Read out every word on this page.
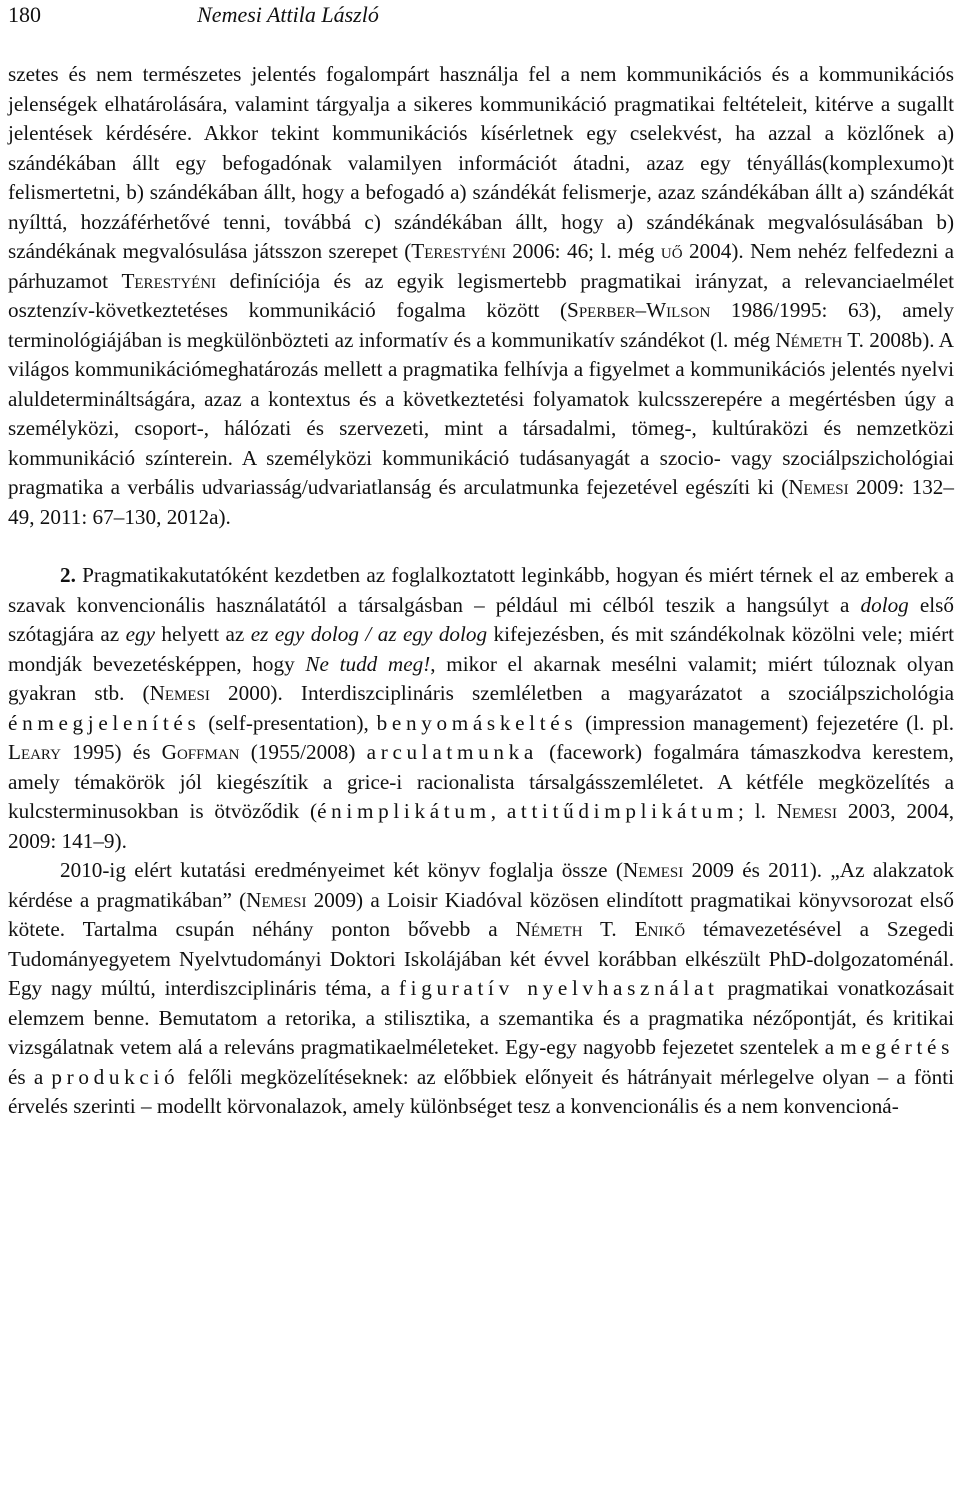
180	Nemesi Attila László

szetes és nem természetes jelentés fogalompárt használja fel a nem kommunikációs és a kommunikációs jelenségek elhatárolására, valamint tárgyalja a sikeres kommunikáció pragmatikai feltételeit, kitérve a sugallt jelentések kérdésére. Akkor tekint kommunikációs kísérletnek egy cselekvést, ha azzal a közlőnek a) szándékában állt egy befogadónak valamilyen információt átadni, azaz egy tényállás(komplexumo)t felismertetni, b) szándékában állt, hogy a befogadó a) szándékát felismerje, azaz szándékában állt a) szándékát nyílttá, hozzáférhetővé tenni, továbbá c) szándékában állt, hogy a) szándékának megvalósulásában b) szándékának megvalósulása játsszon szerepet (Terestyéni 2006: 46; l. még uő 2004). Nem nehéz felfedezni a párhuzamot Terestyéni definíciója és az egyik legismertebb pragmatikai irányzat, a relevanciaelmélet osztenzív-következtetéses kommunikáció fogalma között (Sperber–Wilson 1986/1995: 63), amely terminológiájában is megkülönbözteti az informatív és a kommunikatív szándékot (l. még Németh T. 2008b). A világos kommunikációmeghatározás mellett a pragmatika felhívja a figyelmet a kommunikációs jelentés nyelvi aluldetermináltságára, azaz a kontextus és a következtetési folyamatok kulcsszerepére a megértésben úgy a személyközi, csoport-, hálózati és szervezeti, mint a társadalmi, tömeg-, kultúraközi és nemzetközi kommunikáció színterein. A személyközi kommunikáció tudásanyagát a szocio- vagy szociálpszichológiai pragmatika a verbális udvariasság/udvariatlanság és arculatmunka fejezetével egészíti ki (Nemesi 2009: 132–49, 2011: 67–130, 2012a).

2. Pragmatikakutatóként kezdetben az foglalkoztatott leginkább, hogyan és miért térnek el az emberek a szavak konvencionális használatától a társalgásban – például mi célból teszik a hangsúlyt a dolog első szótagjára az egy helyett az ez egy dolog / az egy dolog kifejezésben, és mit szándékolnak közölni vele; miért mondják bevezetésképpen, hogy Ne tudd meg!, mikor el akarnak mesélni valamit; miért túloznak olyan gyakran stb. (Nemesi 2000). Interdiszciplináris szemléletben a magyarázatot a szociálpszichológia énmegjelenítés (self-presentation), benyomáskeltés (impression management) fejezetére (l. pl. Leary 1995) és Goffman (1955/2008) arculatmunka (facework) fogalmára támaszkodva kerestem, amely témakörök jól kiegészítik a grice-i racionalista társalgásszemléletet. A kétféle megközelítés a kulcsterminusokban is ötvöződik (énimplikátum, attitűdimplikátum; l. Nemesi 2003, 2004, 2009: 141–9).

2010-ig elért kutatási eredményeimet két könyv foglalja össze (Nemesi 2009 és 2011). „Az alakzatok kérdése a pragmatikában” (Nemesi 2009) a Loisir Kiadóval közösen elindított pragmatikai könyvsorozat első kötete. Tartalma csupán néhány ponton bővebb a Németh T. Enikő témavezetésével a Szegedi Tudományegyetem Nyelvtudományi Doktori Iskolájában két évvel korábban elkészült PhD-dolgozatoménál. Egy nagy múltú, interdiszciplináris téma, a figuratív nyelvhasználat pragmatikai vonatkozásait elemzem benne. Bemutatom a retorika, a stilisztika, a szemantika és a pragmatika nézőpontját, és kritikai vizsgálatnak vetem alá a releváns pragmatikaelméleteket. Egy-egy nagyobb fejezetet szentelek a megértés és a produkció felőli megközelítéseknek: az előbbiek előnyeit és hátrányait mérlegelve olyan – a fönti érvelés szerinti – modellt körvonalazok, amely különbséget tesz a konvencionális és a nem konvencioná-
